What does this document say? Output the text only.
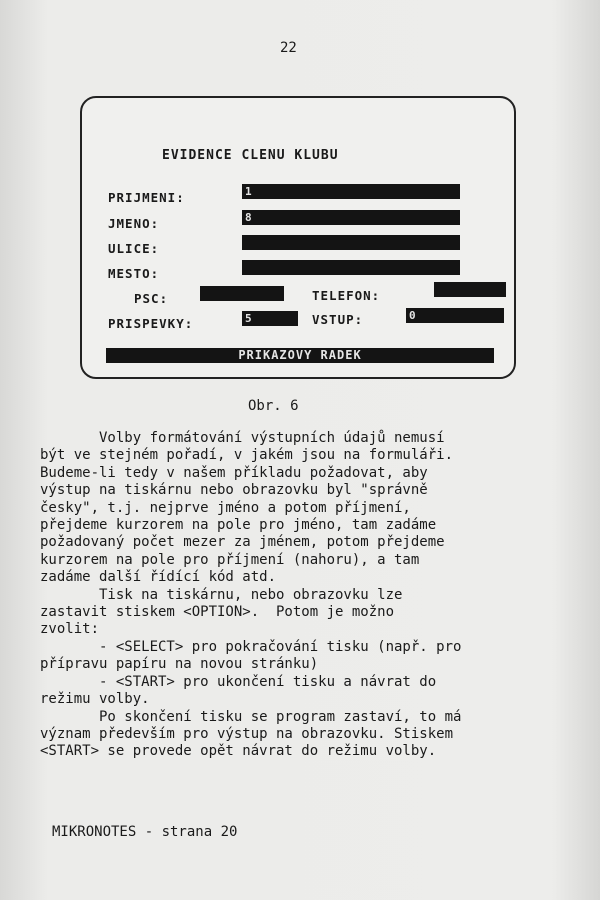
22
EVIDENCE CLENU KLUBU
PRIJMENI:	1
JMENO:	8
ULICE:
MESTO:
PSC:	TELEFON:
PRISPEVKY:	5	VSTUP:	0
PRIKAZOVY RADEK
Obr. 6

Volby formátování výstupních údajů nemusí

být ve stejném pořadí, v jakém jsou na formuláři.

Budeme-li tedy v našem příkladu požadovat, aby

výstup na tiskárnu nebo obrazovku byl "správně

česky", t.j. nejprve jméno a potom příjmení,

přejdeme kurzorem na pole pro jméno, tam zadáme

požadovaný počet mezer za jménem, potom přejdeme

kurzorem na pole pro příjmení (nahoru), a tam

zadáme další řídící kód atd.

Tisk na tiskárnu, nebo obrazovku lze

zastavit stiskem <OPTION>.  Potom je možno

zvolit:

- <SELECT> pro pokračování tisku (např. pro

přípravu papíru na novou stránku)

- <START> pro ukončení tisku a návrat do

režimu volby.

Po skončení tisku se program zastaví, to má

význam především pro výstup na obrazovku. Stiskem

<START> se provede opět návrat do režimu volby.

MIKRONOTES - strana 20
